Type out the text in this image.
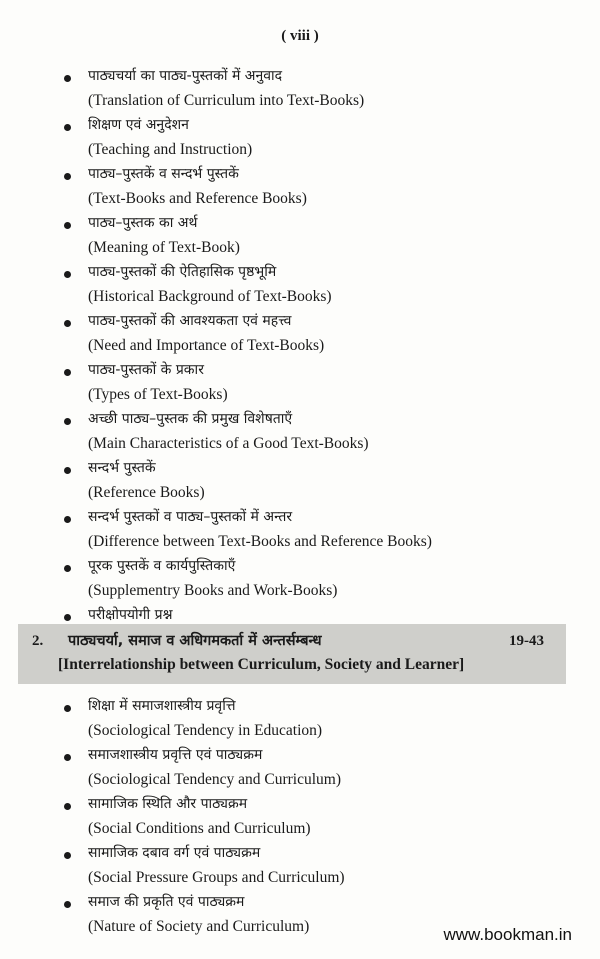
( viii )
पाठ्यचर्या का पाठ्य-पुस्तकों में अनुवाद
(Translation of Curriculum into Text-Books)
शिक्षण एवं अनुदेशन
(Teaching and Instruction)
पाठ्य–पुस्तकें व सन्दर्भ पुस्तकें
(Text-Books and Reference Books)
पाठ्य–पुस्तक का अर्थ
(Meaning of Text-Book)
पाठ्य-पुस्तकों की ऐतिहासिक पृष्ठभूमि
(Historical Background of Text-Books)
पाठ्य-पुस्तकों की आवश्यकता एवं महत्त्व
(Need and Importance of Text-Books)
पाठ्य-पुस्तकों के प्रकार
(Types of Text-Books)
अच्छी पाठ्य–पुस्तक की प्रमुख विशेषताएँ
(Main Characteristics of a Good Text-Books)
सन्दर्भ पुस्तकें
(Reference Books)
सन्दर्भ पुस्तकों व पाठ्य–पुस्तकों में अन्तर
(Difference between Text-Books and Reference Books)
पूरक पुस्तकें व कार्यपुस्तिकाएँ
(Supplementry Books and Work-Books)
परीक्षोपयोगी प्रश्न
2. पाठ्यचर्या, समाज व अधिगमकर्ता में अन्तर्सम्बन्ध	19-43
[Interrelationship between Curriculum, Society and Learner]
शिक्षा में समाजशास्त्रीय प्रवृत्ति
(Sociological Tendency in Education)
समाजशास्त्रीय प्रवृत्ति एवं पाठ्यक्रम
(Sociological Tendency and Curriculum)
सामाजिक स्थिति और पाठ्यक्रम
(Social Conditions and Curriculum)
सामाजिक दबाव वर्ग एवं पाठ्यक्रम
(Social Pressure Groups and Curriculum)
समाज की प्रकृति एवं पाठ्यक्रम
(Nature of Society and Curriculum)	www.bookman.in
